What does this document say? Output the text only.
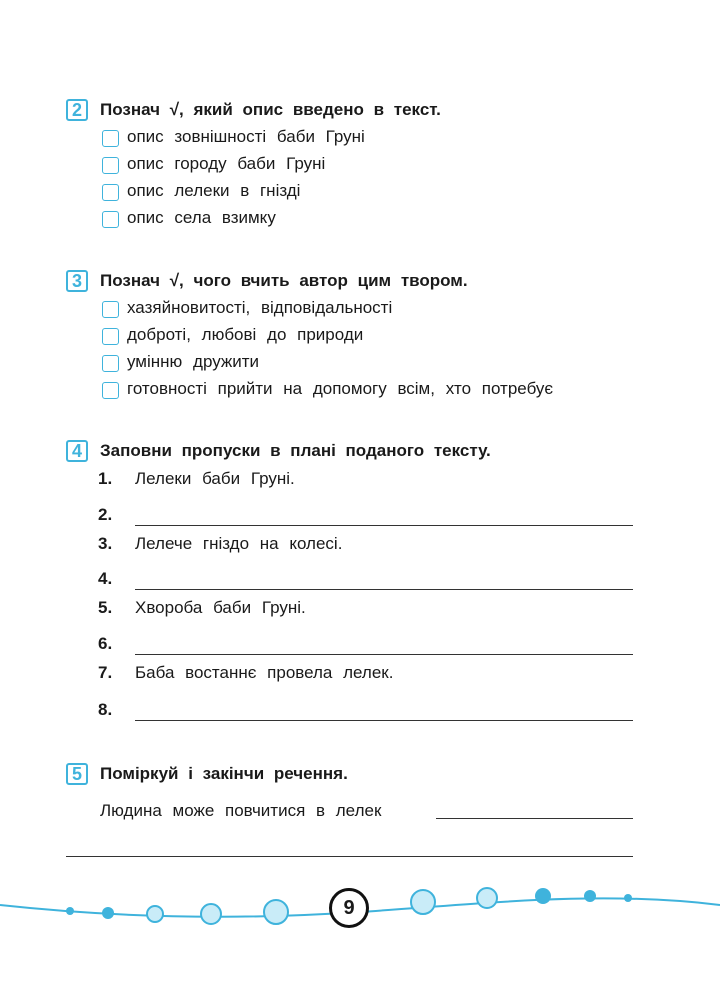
2	Познач √, який опис введено в текст.
опис зовнішності баби Груні
опис городу баби Груні
опис лелеки в гнізді
опис села взимку
3	Познач √, чого вчить автор цим твором.
хазяйновитості, відповідальності
доброті, любові до природи
умінню дружити
готовності прийти на допомогу всім, хто потребує
4	Заповни пропуски в плані поданого тексту.
1. Лелеки баби Груні.
2.
3. Лелече гніздо на колесі.
4.
5. Хвороба баби Груні.
6.
7. Баба востаннє провела лелек.
8.
5	Поміркуй і закінчи речення.
Людина може повчитися в лелек
9
